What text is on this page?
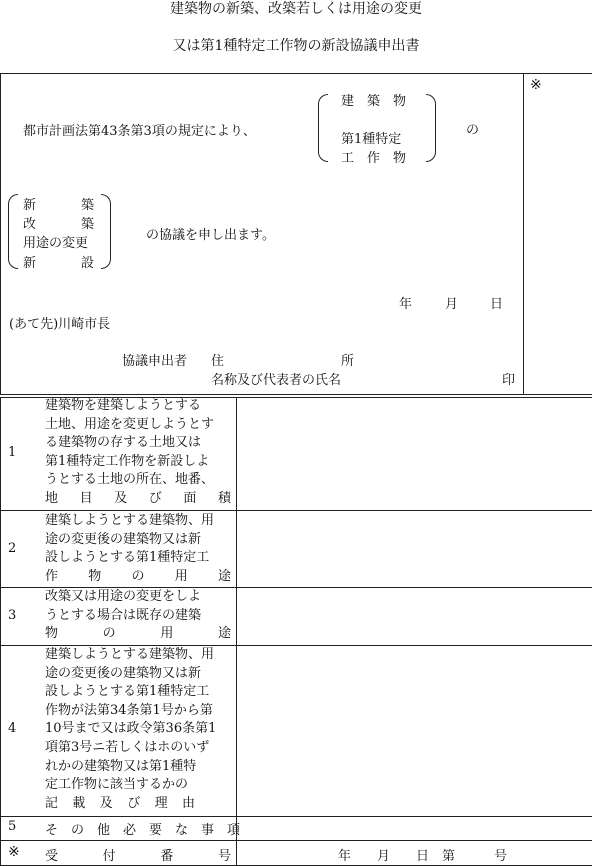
建築物の新築、改築若しくは用途の変更
又は第1種特定工作物の新設協議申出書
※
都市計画法第43条第3項の規定により、
建　築　物
第1種特定
工　作　物
の
新	築
改	築
用途の変更
新	設
の協議を申し出ます。
年	月 日
(あて先)川崎市長
協議申出者 住	所
名称及び代表者の氏名	印
1
建築物を建築しようとする
土地、用途を変更しようとす
る建築物の存する土地又は
第1種特定工作物を新設しよ
うとする土地の所在、地番、
地　目　及　び　面　積
2
建築しようとする建築物、用
途の変更後の建築物又は新
設しようとする第1種特定工
作　物　の　用　途
3
改築又は用途の変更をしよ
うとする場合は既存の建築
物　の　用　途
4
建築しようとする建築物、用
途の変更後の建築物又は新
設しようとする第1種特定工
作物が法第34条第1号から第
10号まで又は政令第36条第1
項第3号ニ若しくはホのいず
れかの建築物又は第1種特
定工作物に該当するかの
記　載　及　び　理　由
5 そ　の　他　必　要　な　事　項
※ 受　付　番　号	年　　月　　日　第　　　号
